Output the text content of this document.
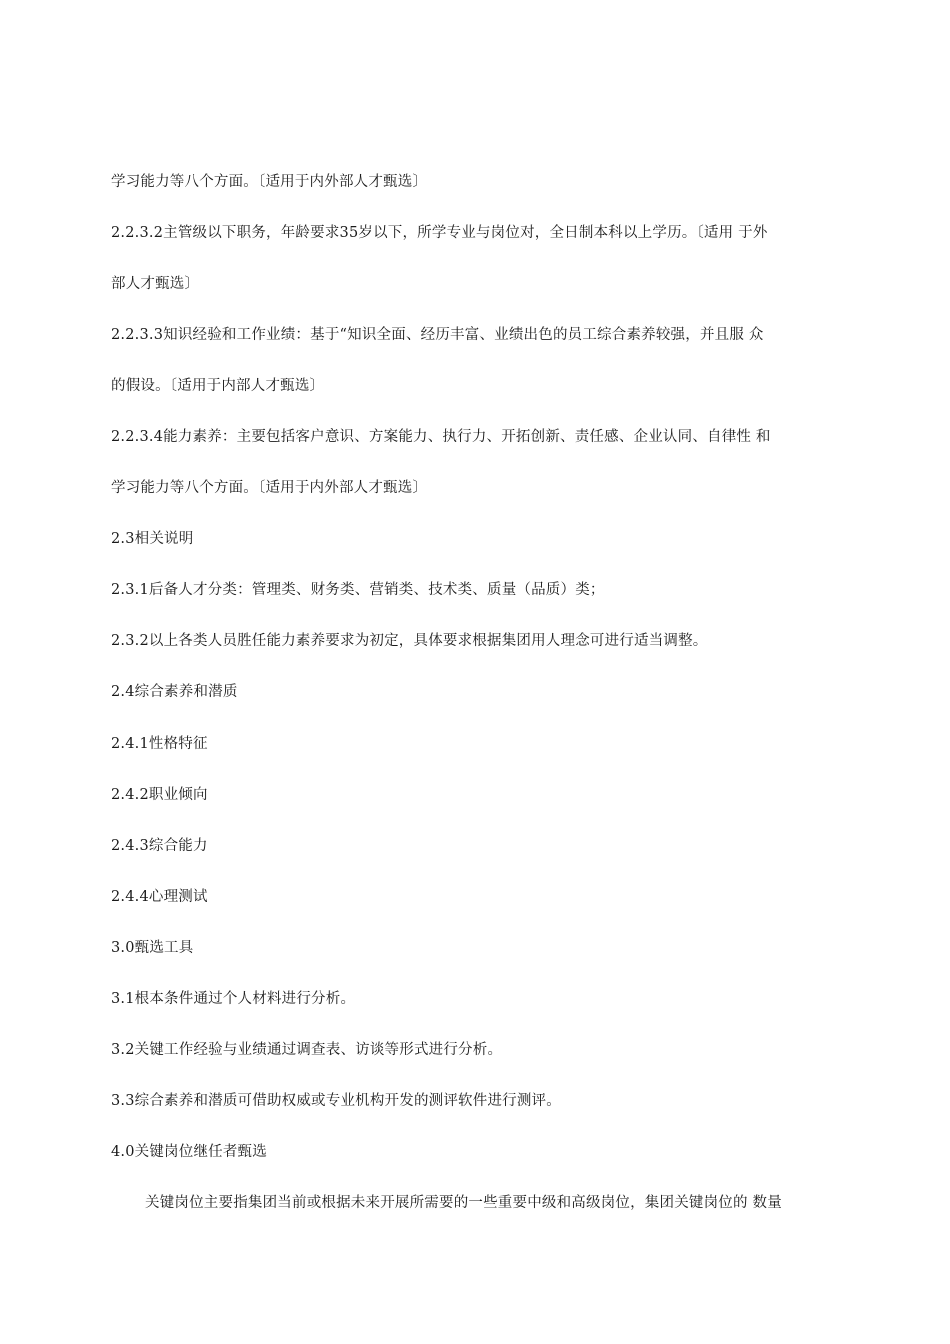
学习能力等八个方面。〔适用于内外部人才甄选〕
2.2.3.2主管级以下职务，年龄要求35岁以下，所学专业与岗位对，全日制本科以上学历。〔适用 于外
部人才甄选〕
2.2.3.3知识经验和工作业绩：基于“知识全面、经历丰富、业绩出色的员工综合素养较强，并且服 众
的假设。〔适用于内部人才甄选〕
2.2.3.4能力素养：主要包括客户意识、方案能力、执行力、开拓创新、责任感、企业认同、自律性 和
学习能力等八个方面。〔适用于内外部人才甄选〕
2.3相关说明
2.3.1后备人才分类：管理类、财务类、营销类、技术类、质量（品质）类；
2.3.2以上各类人员胜任能力素养要求为初定，具体要求根据集团用人理念可进行适当调整。
2.4综合素养和潜质
2.4.1性格特征
2.4.2职业倾向
2.4.3综合能力
2.4.4心理测试
3.0甄选工具
3.1根本条件通过个人材料进行分析。
3.2关键工作经验与业绩通过调查表、访谈等形式进行分析。
3.3综合素养和潜质可借助权威或专业机构开发的测评软件进行测评。
4.0关键岗位继任者甄选
关键岗位主要指集团当前或根据未来开展所需要的一些重要中级和高级岗位，集团关键岗位的 数量
